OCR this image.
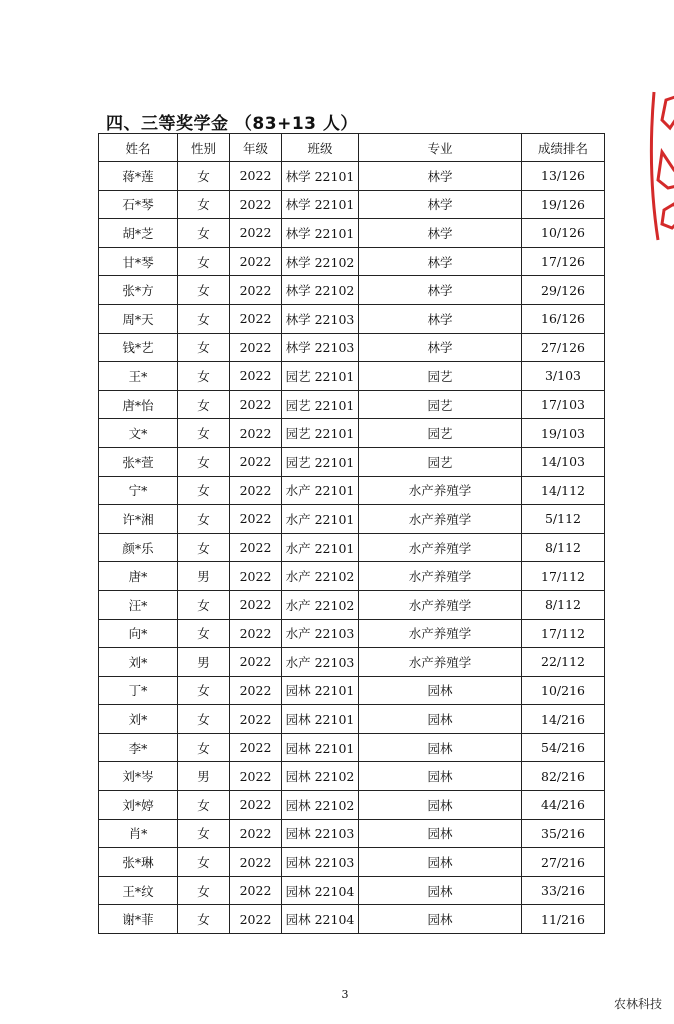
四、三等奖学金 （83+13 人）
姓名	性别	年级	班级	专业	成绩排名
蒋*莲	女	2022	林学 22101	林学	13/126
石*琴	女	2022	林学 22101	林学	19/126
胡*芝	女	2022	林学 22101	林学	10/126
甘*琴	女	2022	林学 22102	林学	17/126
张*方	女	2022	林学 22102	林学	29/126
周*天	女	2022	林学 22103	林学	16/126
钱*艺	女	2022	林学 22103	林学	27/126
王*	女	2022	园艺 22101	园艺	3/103
唐*怡	女	2022	园艺 22101	园艺	17/103
文*	女	2022	园艺 22101	园艺	19/103
张*萱	女	2022	园艺 22101	园艺	14/103
宁*	女	2022	水产 22101	水产养殖学	14/112
许*湘	女	2022	水产 22101	水产养殖学	5/112
颜*乐	女	2022	水产 22101	水产养殖学	8/112
唐*	男	2022	水产 22102	水产养殖学	17/112
汪*	女	2022	水产 22102	水产养殖学	8/112
向*	女	2022	水产 22103	水产养殖学	17/112
刘*	男	2022	水产 22103	水产养殖学	22/112
丁*	女	2022	园林 22101	园林	10/216
刘*	女	2022	园林 22101	园林	14/216
李*	女	2022	园林 22101	园林	54/216
刘*岑	男	2022	园林 22102	园林	82/216
刘*婷	女	2022	园林 22102	园林	44/216
肖*	女	2022	园林 22103	园林	35/216
张*琳	女	2022	园林 22103	园林	27/216
王*纹	女	2022	园林 22104	园林	33/216
谢*菲	女	2022	园林 22104	园林	11/216
3
农林科技
